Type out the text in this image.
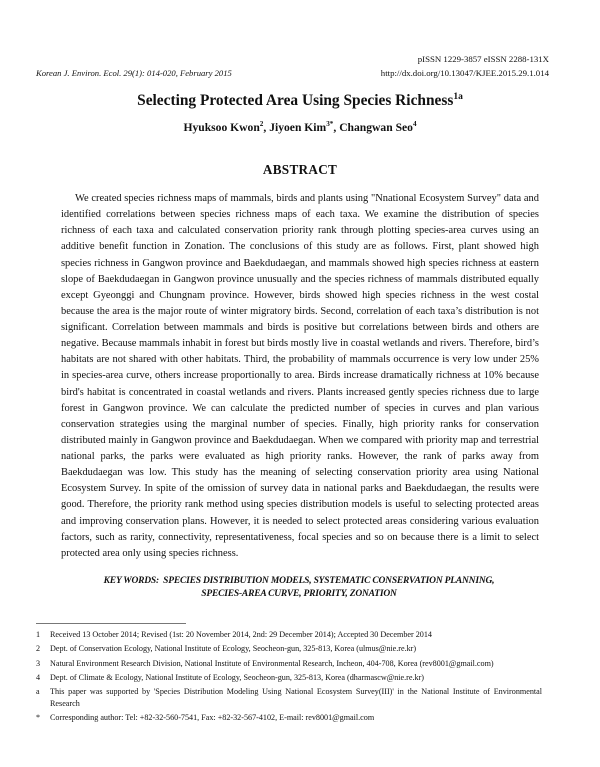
Korean J. Environ. Ecol. 29(1): 014-020, February 2015
pISSN 1229-3857 eISSN 2288-131X
http://dx.doi.org/10.13047/KJEE.2015.29.1.014
Selecting Protected Area Using Species Richness$^{1a}$
Hyuksoo Kwon$^2$, Jiyoen Kim$^{3*}$, Changwan Seo$^4$
ABSTRACT

We created species richness maps of mammals, birds and plants using "Nnational Ecosystem Survey" data and identified correlations between species richness maps of each taxa. We examine the distribution of species richness of each taxa and calculated conservation priority rank through plotting species-area curves using an additive benefit function in Zonation. The conclusions of this study are as follows. First, plant showed high species richness in Gangwon province and Baekdudaegan, and mammals showed high species richness at eastern slope of Baekdudaegan in Gangwon province unusually and the species richness of mammals distributed equally except Gyeonggi and Chungnam province. However, birds showed high species richness in the west costal because the area is the major route of winter migratory birds. Second, correlation of each taxa’s distribution is not significant. Correlation between mammals and birds is positive but correlations between birds and others are negative. Because mammals inhabit in forest but birds mostly live in coastal wetlands and rivers. Therefore, bird’s habitats are not shared with other habitats. Third, the probability of mammals occurrence is very low under 25% in species-area curve, others increase proportionally to area. Birds increase dramatically richness at 10% because bird's habitat is concentrated in coastal wetlands and rivers. Plants increased gently species richness due to large forest in Gangwon province. We can calculate the predicted number of species in curves and plan various conservation strategies using the marginal number of species. Finally, high priority ranks for conservation distributed mainly in Gangwon province and Baekdudaegan. When we compared with priority map and terrestrial national parks, the parks were evaluated as high priority ranks. However, the rank of parks away from Baekdudaegan was low. This study has the meaning of selecting conservation priority area using National Ecosystem Survey. In spite of the omission of survey data in national parks and Baekdudaegan, the results were good. Therefore, the priority rank method using species distribution models is useful to selecting protected areas and improving conservation plans. However, it is needed to select protected areas considering various evaluation factors, such as rarity, connectivity, representativeness, focal species and so on because there is a limit to select protected area only using species richness.

KEY WORDS: SPECIES DISTRIBUTION MODELS, SYSTEMATIC CONSERVATION PLANNING, SPECIES-AREA CURVE, PRIORITY, ZONATION

1	Received 13 October 2014; Revised (1st: 20 November 2014, 2nd: 29 December 2014); Accepted 30 December 2014
2	Dept. of Conservation Ecology, National Institute of Ecology, Seocheon-gun, 325-813, Korea (ulmus@nie.re.kr)
3	Natural Environment Research Division, National Institute of Environmental Research, Incheon, 404-708, Korea (rev8001@gmail.com)
4	Dept. of Climate & Ecology, National Institute of Ecology, Seocheon-gun, 325-813, Korea (dharmascw@nie.re.kr)
a	This paper was supported by 'Species Distribution Modeling Using National Ecosystem Survey(III)' in the National Institute of Environmental Research
*	Corresponding author: Tel: +82-32-560-7541, Fax: +82-32-567-4102, E-mail: rev8001@gmail.com
